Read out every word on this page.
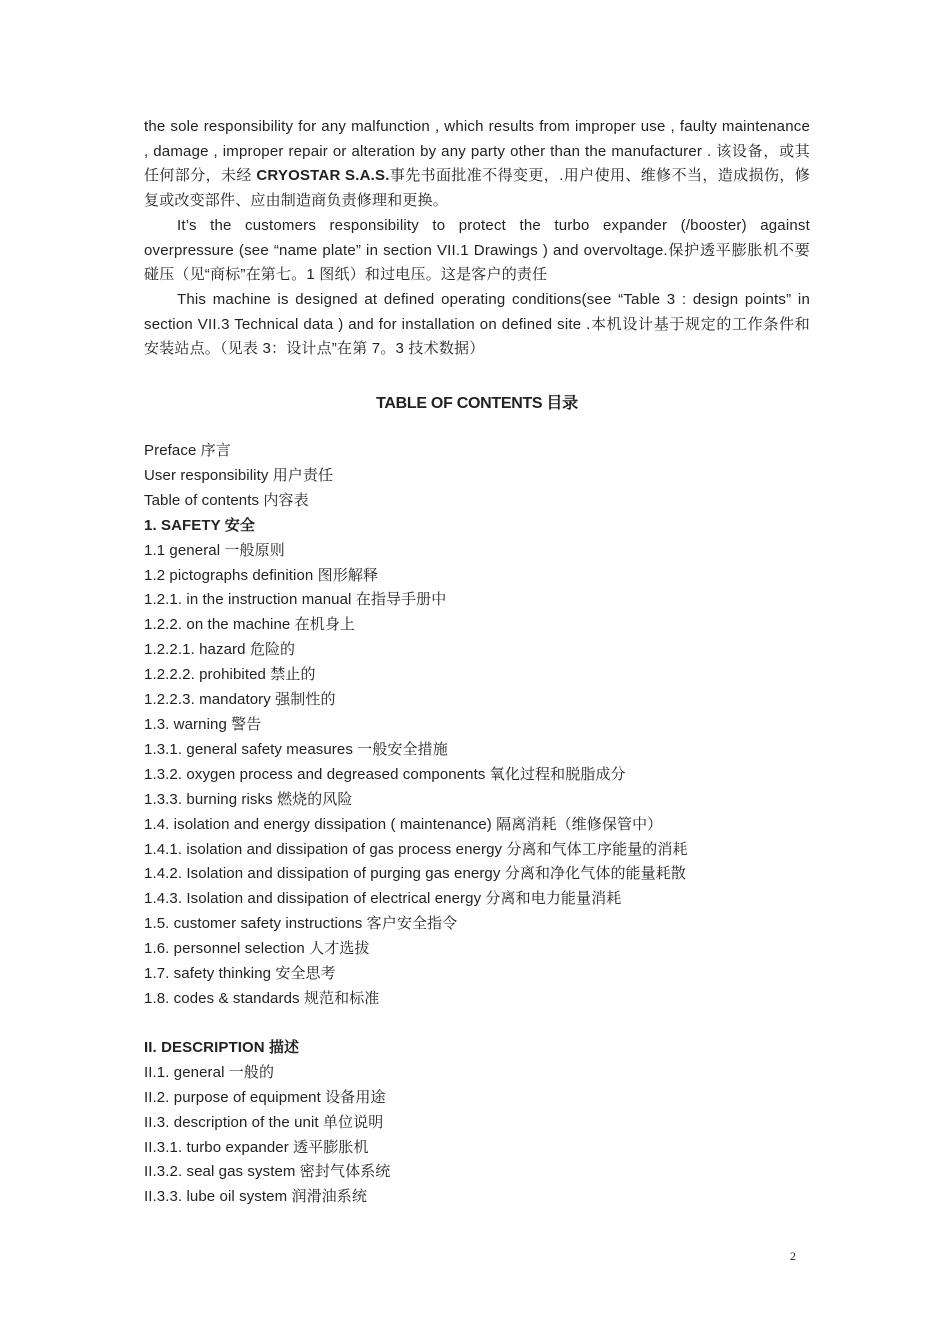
the sole responsibility for any malfunction , which results from improper use , faulty maintenance , damage , improper repair or alteration by any party other than the manufacturer . 该设备，或其任何部分，未经 CRYOSTAR S.A.S.事先书面批准不得变更，.用户使用、维修不当，造成损伤，修复或改变部件、应由制造商负责修理和更换。

It’s the customers responsibility to protect the turbo expander (/booster) against overpressure (see “name plate” in section VII.1 Drawings ) and overvoltage.保护透平膨胀机不要碰压（见“商标”在第七。1 图纸）和过电压。这是客户的责任

This machine is designed at defined operating conditions(see “Table 3 : design points” in section VII.3 Technical data ) and for installation on defined site .本机设计基于规定的工作条件和安装站点。（见表 3：设计点”在第 7。3 技术数据）

TABLE OF CONTENTS 目录
Preface 序言
User responsibility 用户责任
Table of contents 内容表
1. SAFETY 安全
1.1 general 一般原则
1.2 pictographs definition 图形解释
1.2.1. in the instruction manual 在指导手册中
1.2.2. on the machine 在机身上
1.2.2.1. hazard 危险的
1.2.2.2. prohibited 禁止的
1.2.2.3. mandatory 强制性的
1.3. warning 警告
1.3.1. general safety measures 一般安全措施
1.3.2. oxygen process and degreased components 氧化过程和脱脂成分
1.3.3. burning risks 燃烧的风险
1.4. isolation and energy dissipation ( maintenance) 隔离消耗（维修保管中）
1.4.1. isolation and dissipation of gas process energy 分离和气体工序能量的消耗
1.4.2. Isolation and dissipation of purging gas energy 分离和净化气体的能量耗散
1.4.3. Isolation and dissipation of electrical energy 分离和电力能量消耗
1.5. customer safety instructions 客户安全指令
1.6. personnel selection 人才选拔
1.7. safety thinking 安全思考
1.8. codes & standards 规范和标准
II. DESCRIPTION 描述
II.1. general 一般的
II.2. purpose of equipment 设备用途
II.3. description of the unit 单位说明
II.3.1. turbo expander 透平膨胀机
II.3.2. seal gas system 密封气体系统
II.3.3. lube oil system 润滑油系统
2
